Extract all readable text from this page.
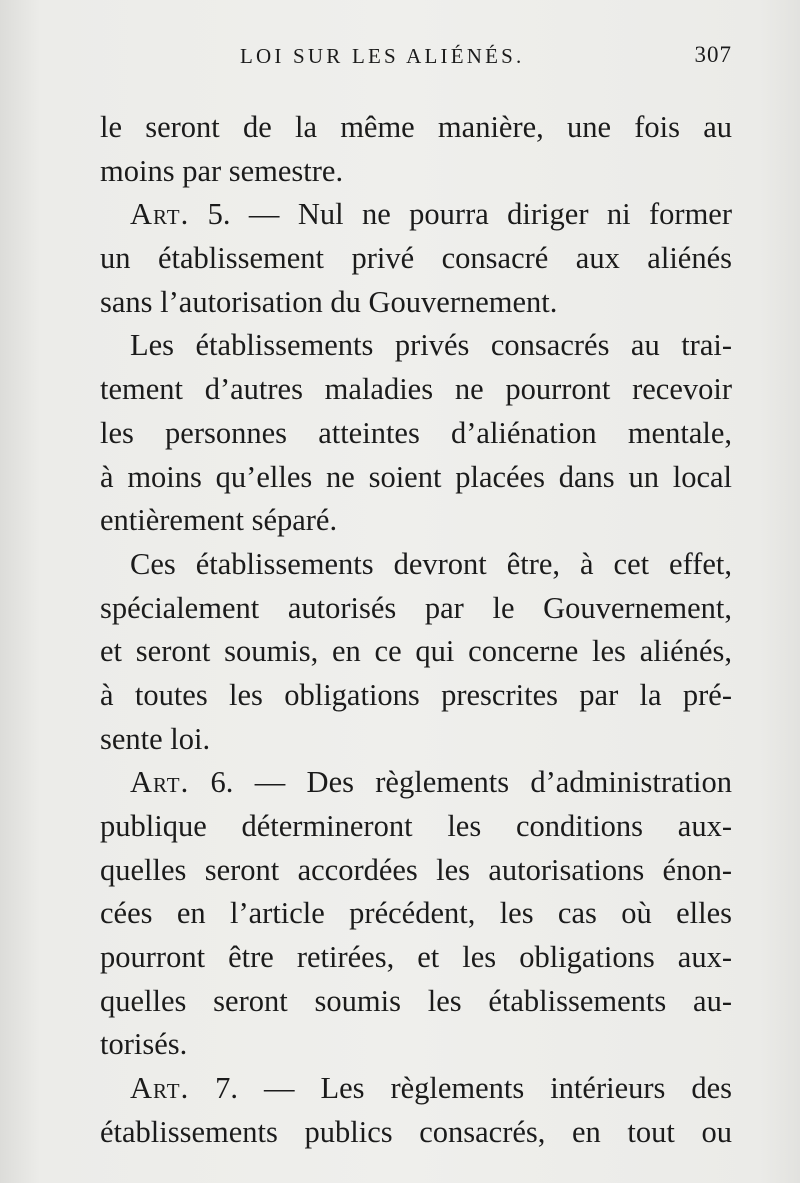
LOI SUR LES ALIÉNÉS.	307
le seront de la même manière, une fois au
moins par semestre.
Art. 5. — Nul ne pourra diriger ni former
un établissement privé consacré aux aliénés
sans l’autorisation du Gouvernement.
Les établissements privés consacrés au trai-
tement d’autres maladies ne pourront recevoir
les personnes atteintes d’aliénation mentale,
à moins qu’elles ne soient placées dans un local
entièrement séparé.
Ces établissements devront être, à cet effet,
spécialement autorisés par le Gouvernement,
et seront soumis, en ce qui concerne les aliénés,
à toutes les obligations prescrites par la pré-
sente loi.
Art. 6. — Des règlements d’administration
publique détermineront les conditions aux-
quelles seront accordées les autorisations énon-
cées en l’article précédent, les cas où elles
pourront être retirées, et les obligations aux-
quelles seront soumis les établissements au-
torisés.
Art. 7. — Les règlements intérieurs des
établissements publics consacrés, en tout ou
